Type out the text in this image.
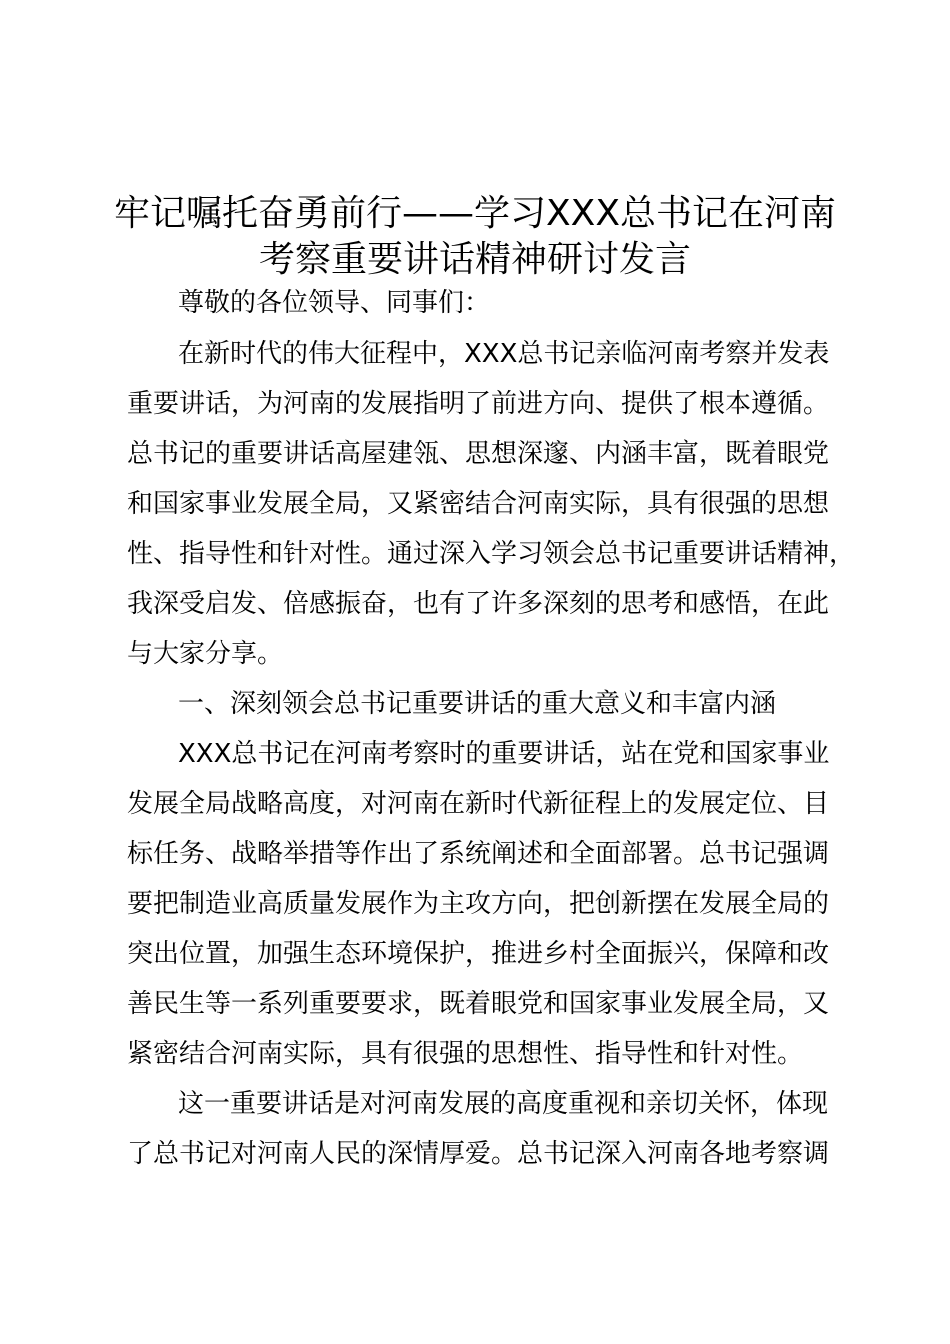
牢记嘱托奋勇前行——学习XXX总书记在河南
考察重要讲话精神研讨发言
尊敬的各位领导、同事们：
在新时代的伟大征程中，XXX总书记亲临河南考察并发表
重要讲话，为河南的发展指明了前进方向、提供了根本遵循。
总书记的重要讲话高屋建瓴、思想深邃、内涵丰富，既着眼党
和国家事业发展全局，又紧密结合河南实际，具有很强的思想
性、指导性和针对性。通过深入学习领会总书记重要讲话精神，
我深受启发、倍感振奋，也有了许多深刻的思考和感悟，在此
与大家分享。
一、深刻领会总书记重要讲话的重大意义和丰富内涵
XXX总书记在河南考察时的重要讲话，站在党和国家事业
发展全局战略高度，对河南在新时代新征程上的发展定位、目
标任务、战略举措等作出了系统阐述和全面部署。总书记强调
要把制造业高质量发展作为主攻方向，把创新摆在发展全局的
突出位置，加强生态环境保护，推进乡村全面振兴，保障和改
善民生等一系列重要要求，既着眼党和国家事业发展全局，又
紧密结合河南实际，具有很强的思想性、指导性和针对性。
这一重要讲话是对河南发展的高度重视和亲切关怀，体现
了总书记对河南人民的深情厚爱。总书记深入河南各地考察调
